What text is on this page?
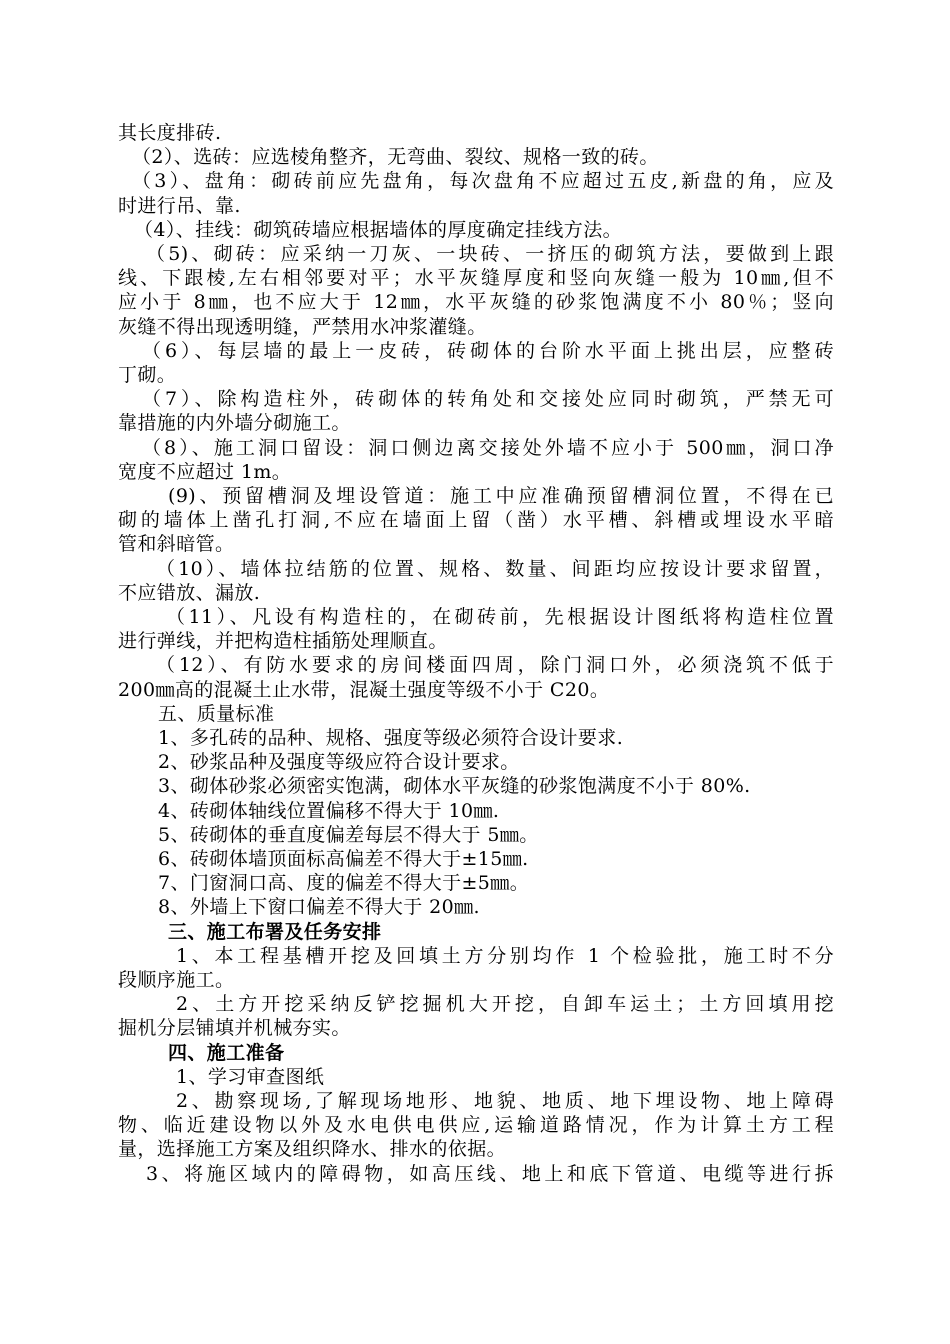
其长度排砖.
（2）、选砖：应选棱角整齐，无弯曲、裂纹、规格一致的砖。
（3）、盘角：砌砖前应先盘角，每次盘角不应超过五皮,新盘的角，应及
时进行吊、靠.
（4）、挂线：砌筑砖墙应根据墙体的厚度确定挂线方法。
（5)、砌砖：应采纳一刀灰、一块砖、一挤压的砌筑方法，要做到上跟
线、下跟棱,左右相邻要对平；水平灰缝厚度和竖向灰缝一般为 10㎜,但不
应小于 8㎜，也不应大于 12㎜，水平灰缝的砂浆饱满度不小 80％；竖向
灰缝不得出现透明缝，严禁用水冲浆灌缝。
（6）、每层墙的最上一皮砖，砖砌体的台阶水平面上挑出层，应整砖
丁砌。
（7）、除构造柱外，砖砌体的转角处和交接处应同时砌筑，严禁无可
靠措施的内外墙分砌施工。
（8）、施工洞口留设：洞口侧边离交接处外墙不应小于 500㎜，洞口净
宽度不应超过 1m。
(9)、预留槽洞及埋设管道：施工中应准确预留槽洞位置，不得在已
砌的墙体上凿孔打洞,不应在墙面上留（凿）水平槽、斜槽或埋设水平暗
管和斜暗管。
（10）、墙体拉结筋的位置、规格、数量、间距均应按设计要求留置，
不应错放、漏放.
（11）、凡设有构造柱的，在砌砖前，先根据设计图纸将构造柱位置
进行弹线，并把构造柱插筋处理顺直。
（12）、有防水要求的房间楼面四周，除门洞口外，必须浇筑不低于
200㎜高的混凝土止水带，混凝土强度等级不小于 C20。
五、质量标准
1、多孔砖的品种、规格、强度等级必须符合设计要求.
2、砂浆品种及强度等级应符合设计要求。
3、砌体砂浆必须密实饱满，砌体水平灰缝的砂浆饱满度不小于 80%.
4、砖砌体轴线位置偏移不得大于 10㎜.
5、砖砌体的垂直度偏差每层不得大于 5㎜。
6、砖砌体墙顶面标高偏差不得大于±15㎜.
7、门窗洞口高、度的偏差不得大于±5㎜。
8、外墙上下窗口偏差不得大于 20㎜.
三、施工布署及任务安排
1、本工程基槽开挖及回填土方分别均作 1 个检验批，施工时不分
段顺序施工。
2、土方开挖采纳反铲挖掘机大开挖，自卸车运土；土方回填用挖
掘机分层铺填并机械夯实。
四、施工准备
1、学习审查图纸
2、勘察现场,了解现场地形、地貌、地质、地下埋设物、地上障碍
物、临近建设物以外及水电供电供应,运输道路情况，作为计算土方工程
量，选择施工方案及组织降水、排水的依据。
3、将施区域内的障碍物，如高压线、地上和底下管道、电缆等进行拆
